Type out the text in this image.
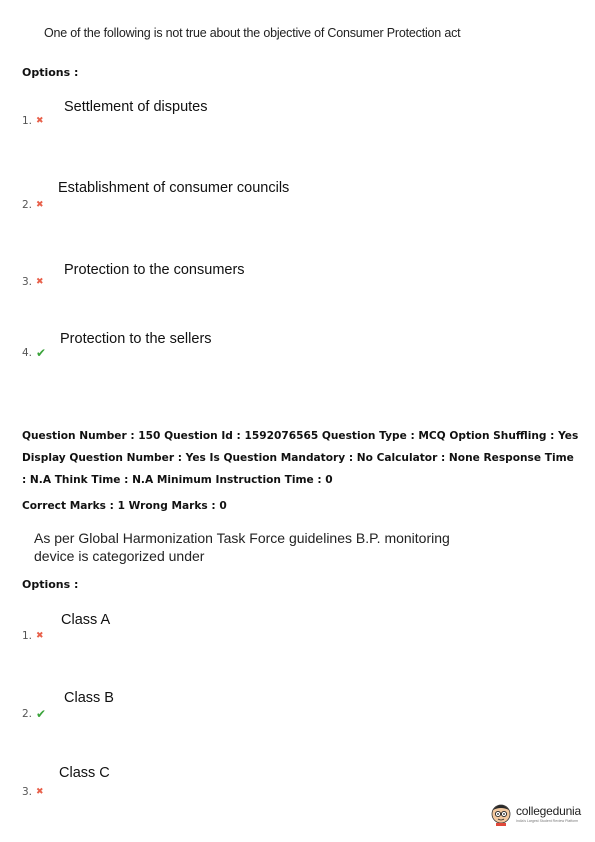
One of the following is not true about the objective of Consumer Protection act
Options :
Settlement of disputes
1. ✖
Establishment of consumer councils
2. ✖
Protection to the consumers
3. ✖
Protection to the sellers
4. ✔
Question Number : 150 Question Id : 1592076565 Question Type : MCQ Option Shuffling : Yes
Display Question Number : Yes Is Question Mandatory : No Calculator : None Response Time
: N.A Think Time : N.A Minimum Instruction Time : 0
Correct Marks : 1 Wrong Marks : 0
As per Global Harmonization Task Force guidelines B.P. monitoring
device is categorized under
Options :
Class A
1. ✖
Class B
2. ✔
Class C
3. ✖
collegedunia
India's Largest Student Review Platform
